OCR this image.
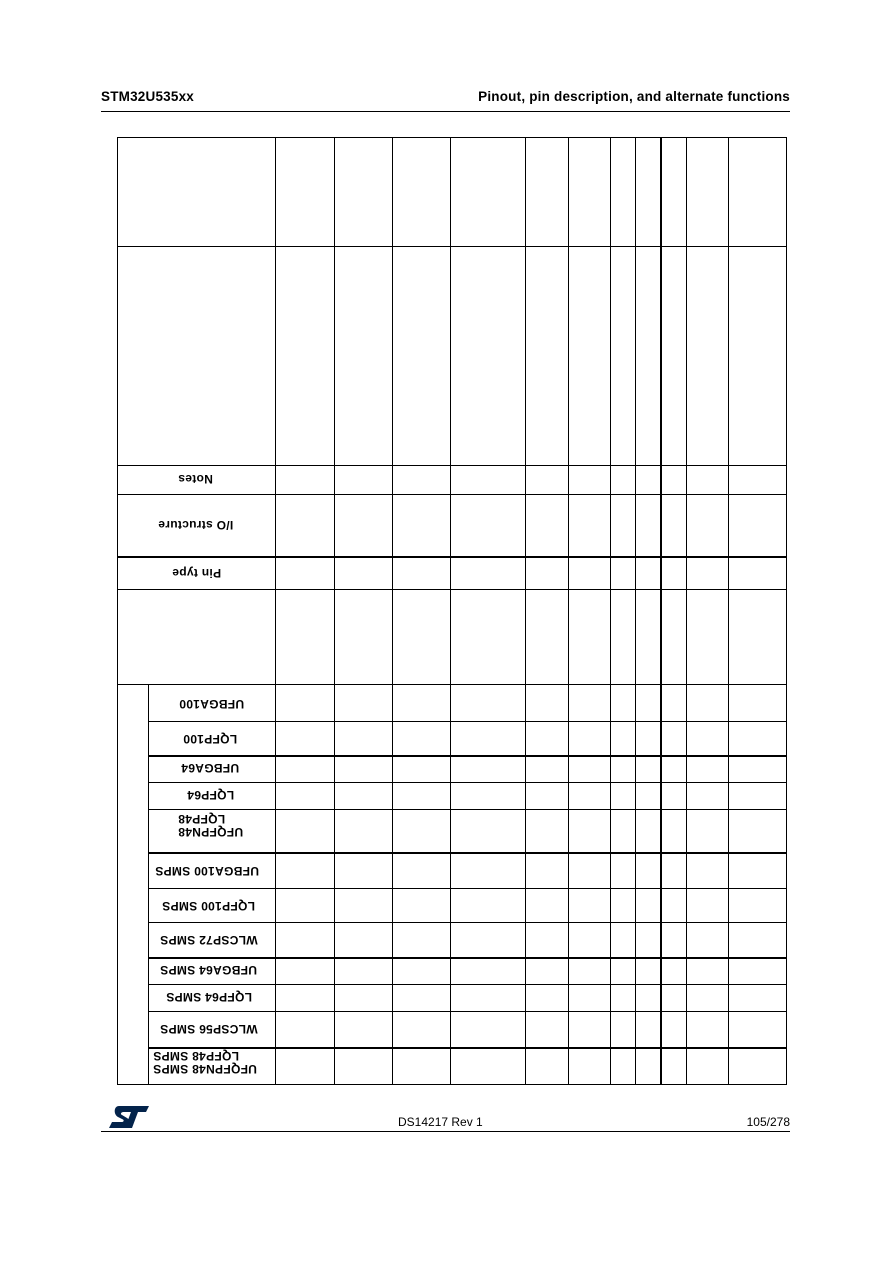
STM32U535xx	Pinout, pin description, and alternate functions
Notes
I/O structure
Pin type
UFBGA100
LQFP100
UFBGA64
LQFP64
UFQFPN48
LQFP48
UFBGA100 SMPS
LQFP100 SMPS
WLCSP72 SMPS
UFBGA64 SMPS
LQFP64 SMPS
WLCSP56 SMPS
UFQFPN48 SMPS
LQFP48 SMPS
DS14217 Rev 1	105/278
